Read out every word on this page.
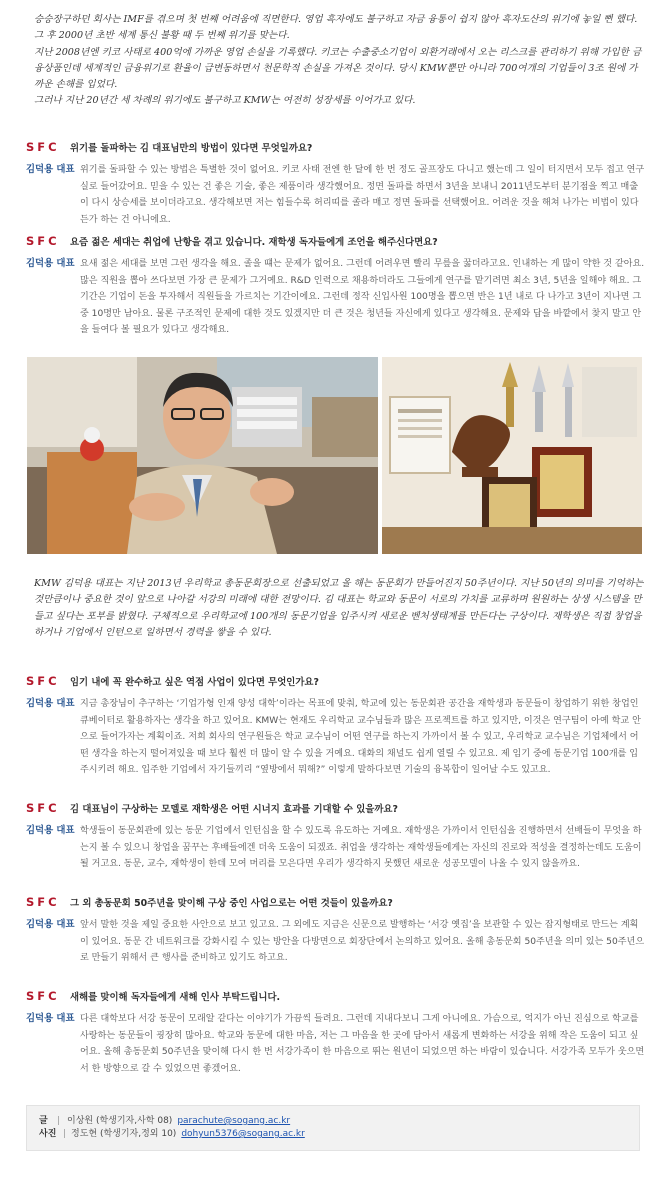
승승장구하던 회사는 IMF를 겪으며 첫 번째 어려움에 직면한다. 영업 흑자에도 불구하고 자금 융통이 쉽지 않아 흑자도산의 위기에 놓일 뻔 했다. 그 후 2000년 초반 세계 통신 불황 때 두 번째 위기를 맞는다.

지난 2008년엔 키코 사태로 400억에 가까운 영업 손실을 기록했다. 키코는 수출중소기업이 외환거래에서 오는 리스크를 관리하기 위해 가입한 금융상품인데 세계적인 금융위기로 환율이 급변동하면서 천문학적 손실을 가져온 것이다. 당시 KMW뿐만 아니라 700여개의 기업들이 3조 원에 가까운 손해를 입었다.

그러나 지난 20년간 세 차례의 위기에도 불구하고 KMW는 여전히 성장세를 이어가고 있다.

SFC	위기를 돌파하는 김 대표님만의 방법이 있다면 무엇일까요?
김덕용 대표 위기를 돌파할 수 있는 방법은 특별한 것이 없어요. 키코 사태 전엔 한 달에 한 번 정도 골프장도 다니고 했는데 그 일이 터지면서 모두 접고 연구실로 들어갔어요. 믿을 수 있는 건 좋은 기술, 좋은 제품이라 생각했어요. 정면 돌파를 하면서 3년을 보내니 2011년도부터 분기점을 찍고 매출이 다시 상승세를 보이더라고요. 생각해보면 저는 힘들수록 허리띠를 졸라 매고 정면 돌파를 선택했어요. 어려운 것을 해쳐 나가는 비법이 있다든가 하는 건 아니에요.
SFC	요즘 젊은 세대는 취업에 난항을 겪고 있습니다. 재학생 독자들에게 조언을 해주신다면요?
김덕용 대표 요새 젊은 세대를 보면 그런 생각을 해요. 졸을 떄는 문제가 없어요. 그런데 어려우면 빨리 무릎을 꿇더라고요. 인내하는 게 많이 약한 것 같아요. 많은 직원을 뽑아 쓰다보면 가장 큰 문제가 그거예요. R&D 인력으로 채용하더라도 그들에게 연구를 맡기려면 최소 3년, 5년을 일해야 해요. 그 기간은 기업이 돈을 투자해서 직원들을 가르치는 기간이에요. 그런데 정작 신입사원 100명을 뽑으면 반은 1년 내로 다 나가고 3년이 지나면 그 중 10명만 남아요. 물론 구조적인 문제에 대한 것도 있겠지만 더 큰 것은 청년들 자신에게 있다고 생각해요. 문제와 답을 바깥에서 찾지 말고 안을 들여다 볼 필요가 있다고 생각해요.

KMW 김덕용 대표는 지난 2013년 우리학교 총동문회장으로 선출되었고 올 해는 동문회가 만들어진지 50주년이다. 지난 50년의 의미를 기억하는 것만큼이나 중요한 것이 앞으로 나아갈 서강의 미래에 대한 전망이다. 김 대표는 학교와 동문이 서로의 가치를 교류하며 원원하는 상생 시스템을 만들고 싶다는 포부를 밝혔다. 구체적으로 우리학교에 100개의 동문기업을 입주시켜 새로운 벤처생태계를 만든다는 구상이다. 재학생은 직접 창업을 하거나 기업에서 인턴으로 일하면서 경력을 쌓을 수 있다.

SFC	임기 내에 꼭 완수하고 싶은 역점 사업이 있다면 무엇인가요?
김덕용 대표 지금 총장님이 추구하는 ‘기업가형 인재 양성 대학’이라는 목표에 맞춰, 학교에 있는 동문회관 공간을 재학생과 동문들이 창업하기 위한 창업인큐베이터로 활용하자는 생각을 하고 있어요. KMW는 현재도 우리학교 교수님들과 많은 프로젝트를 하고 있지만, 이것은 연구팀이 아예 학교 안으로 들어가자는 계획이죠. 저희 회사의 연구원들은 학교 교수님이 어떤 연구를 하는지 가까이서 볼 수 있고, 우리학교 교수님은 기업체에서 어떤 생각을 하는지 떨어져있을 때 보다 훨씬 더 많이 알 수 있을 거예요. 대화의 채널도 쉽게 열릴 수 있고요. 제 임기 중에 동문기업 100개를 입주시키려 해요. 입주한 기업에서 자기들끼리 “옆방에서 뭐해?” 이렇게 말하다보면 기술의 융복합이 일어날 수도 있고요.
SFC	김 대표님이 구상하는 모델로 재학생은 어떤 시너지 효과를 기대할 수 있을까요?
김덕용 대표 학생들이 동문회관에 있는 동문 기업에서 인턴십을 할 수 있도록 유도하는 거예요. 재학생은 가까이서 인턴십을 진행하면서 선배들이 무엇을 하는지 볼 수 있으니 창업을 꿈꾸는 후배들에겐 더욱 도움이 되겠죠. 취업을 생각하는 재학생들에게는 자신의 진로와 적성을 결정하는데도 도움이 될 거고요. 동문, 교수, 재학생이 한데 모여 머리를 모은다면 우리가 생각하지 못했던 새로운 성공모델이 나올 수 있지 않을까요.
SFC	그 외 총동문회 50주년을 맞이해 구상 중인 사업으로는 어떤 것들이 있을까요?
김덕용 대표 앞서 말한 것을 제일 중요한 사안으로 보고 있고요. 그 외에도 지금은 신문으로 발행하는 ‘서강 옛집’을 보관할 수 있는 잡지형태로 만드는 계획이 있어요. 동문 간 네트워크를 강화시킬 수 있는 방안을 다방면으로 회장단에서 논의하고 있어요. 올해 총동문회 50주년을 의미 있는 50주년으로 만들기 위해서 큰 행사를 준비하고 있기도 하고요.
SFC	새해를 맞이해 독자들에게 새해 인사 부탁드립니다.
김덕용 대표 다른 대학보다 서강 동문이 모래알 같다는 이야기가 가끔씩 들려요. 그런데 지내다보니 그게 아니에요. 가슴으로, 억지가 아닌 진심으로 학교를 사랑하는 동문들이 굉장히 많아요. 학교와 동문에 대한 마음, 저는 그 마음을 한 곳에 담아서 새롭게 변화하는 서강을 위해 작은 도움이 되고 싶어요. 올해 총동문회 50주년을 맞이해 다시 한 번 서강가족이 한 마음으로 뛰는 원년이 되었으면 하는 바람이 있습니다. 서강가족 모두가 웃으면서 한 방향으로 갈 수 있었으면 좋겠어요.
글	| 이상원 (학생기자,사학 08) parachute@sogang.ac.kr
사진 | 정도현 (학생기자,정외 10) dohyun5376@sogang.ac.kr
